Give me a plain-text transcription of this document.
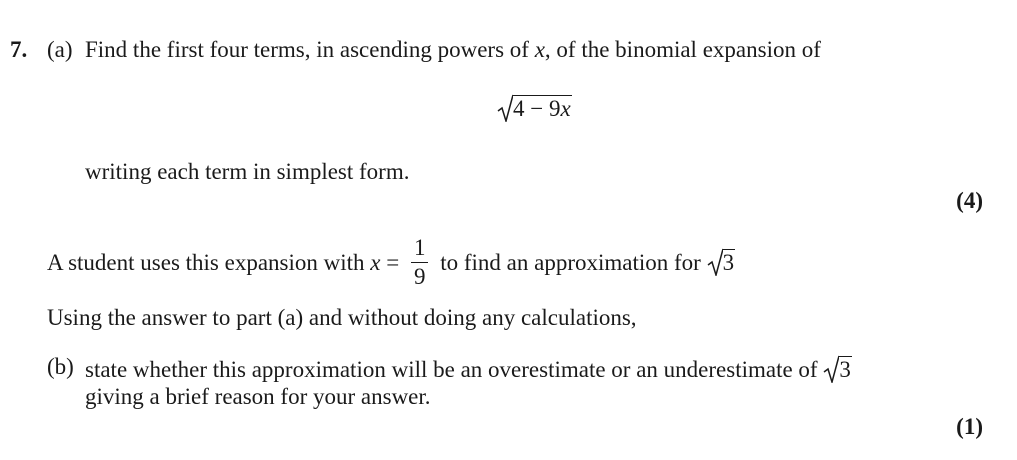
7. (a) Find the first four terms, in ascending powers of x, of the binomial expansion of
4 − 9x
writing each term in simplest form.
(4)
A student uses this expansion with $x = \frac{1}{9}$ to find an approximation for 3
Using the answer to part (a) and without doing any calculations,
(b) state whether this approximation will be an overestimate or an underestimate of 3
giving a brief reason for your answer.
(1)
